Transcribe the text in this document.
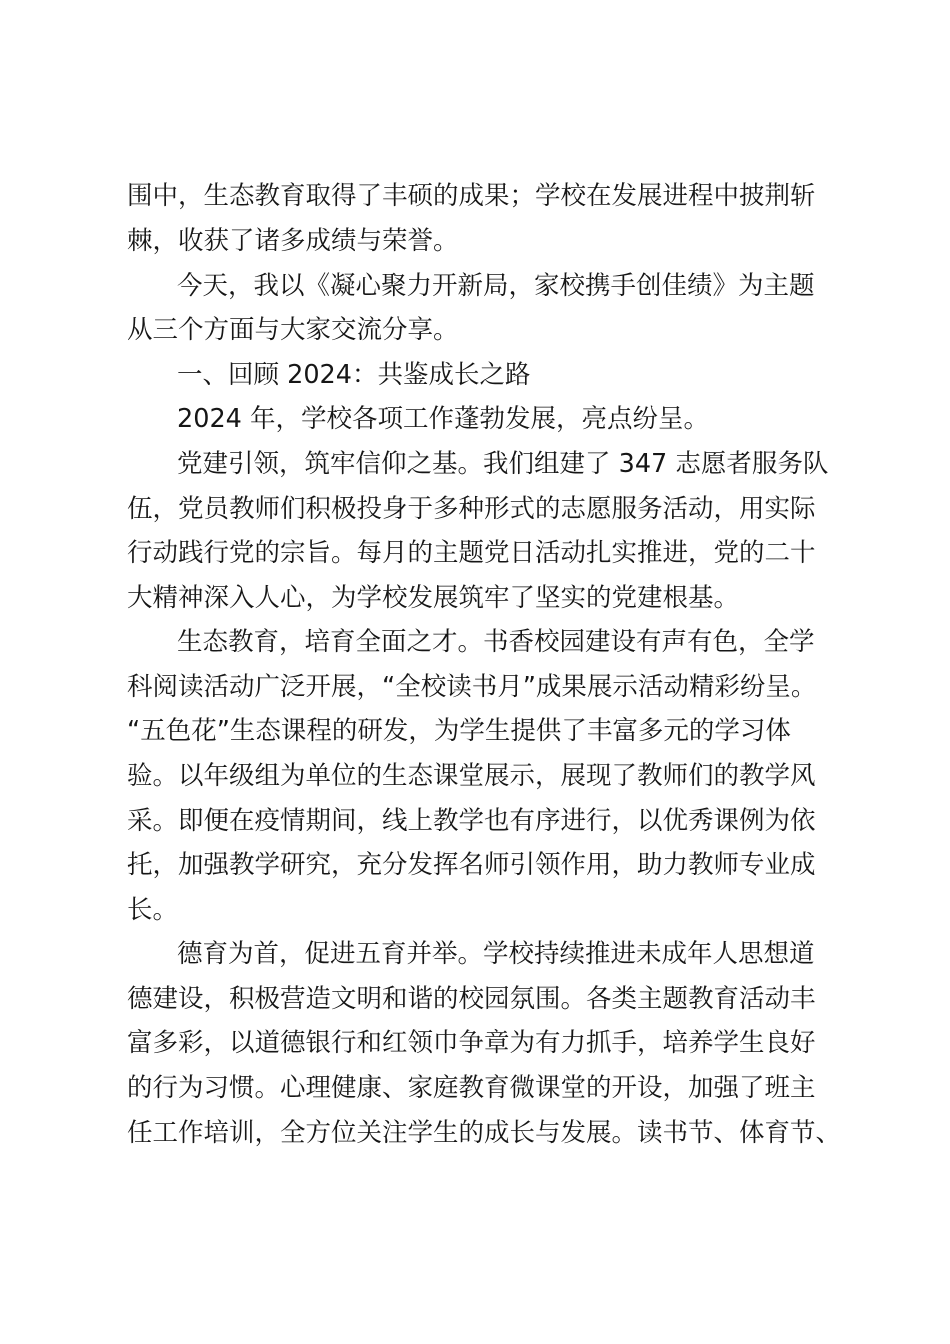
围中，生态教育取得了丰硕的成果；学校在发展进程中披荆斩
棘，收获了诸多成绩与荣誉。
今天，我以《凝心聚力开新局，家校携手创佳绩》为主题
从三个方面与大家交流分享。
一、回顾 2024：共鉴成长之路
2024 年，学校各项工作蓬勃发展，亮点纷呈。
党建引领，筑牢信仰之基。我们组建了 347 志愿者服务队
伍，党员教师们积极投身于多种形式的志愿服务活动，用实际
行动践行党的宗旨。每月的主题党日活动扎实推进，党的二十
大精神深入人心，为学校发展筑牢了坚实的党建根基。
生态教育，培育全面之才。书香校园建设有声有色，全学
科阅读活动广泛开展，“全校读书月”成果展示活动精彩纷呈。
“五色花”生态课程的研发，为学生提供了丰富多元的学习体
验。以年级组为单位的生态课堂展示，展现了教师们的教学风
采。即便在疫情期间，线上教学也有序进行，以优秀课例为依
托，加强教学研究，充分发挥名师引领作用，助力教师专业成
长。
德育为首，促进五育并举。学校持续推进未成年人思想道
德建设，积极营造文明和谐的校园氛围。各类主题教育活动丰
富多彩，以道德银行和红领巾争章为有力抓手，培养学生良好
的行为习惯。心理健康、家庭教育微课堂的开设，加强了班主
任工作培训，全方位关注学生的成长与发展。读书节、体育节、
